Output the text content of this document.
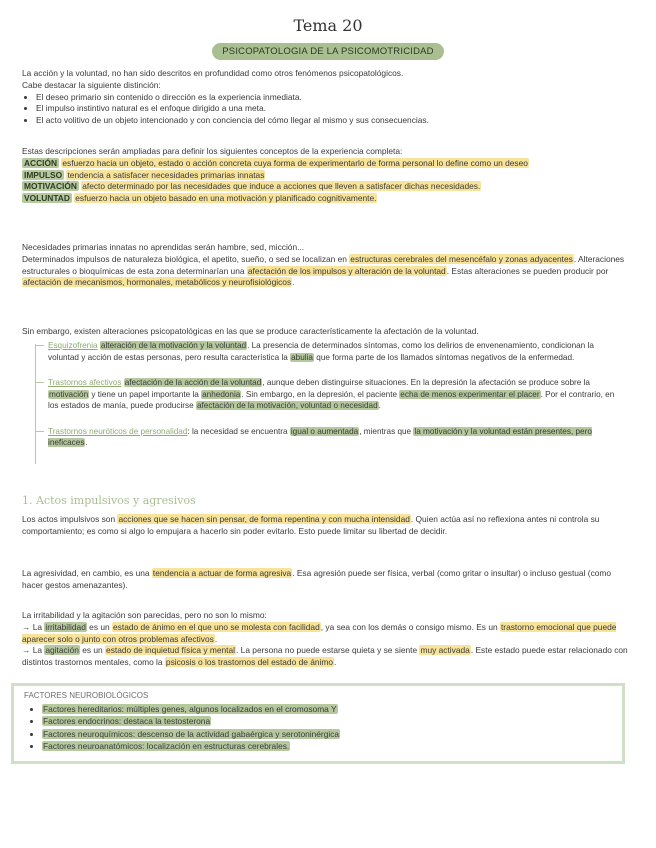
Tema 20
PSICOPATOLOGIA DE LA PSICOMOTRICIDAD

La acción y la voluntad, no han sido descritos en profundidad como otros fenómenos psicopatológicos.

Cabe destacar la siguiente distinción:

• El deseo primario sin contenido o dirección es la experiencia inmediata.
• El impulso instintivo natural es el enfoque dirigido a una meta.
• El acto volitivo de un objeto intencionado y con conciencia del cómo llegar al mismo y sus consecuencias.

Estas descripciones serán ampliadas para definir los siguientes conceptos de la experiencia completa:

ACCIÓN esfuerzo hacia un objeto, estado o acción concreta cuya forma de experimentarlo de forma personal lo define como un deseo

IMPULSO tendencia a satisfacer necesidades primarias innatas

MOTIVACIÓN afecto determinado por las necesidades que induce a acciones que lleven a satisfacer dichas necesidades.

VOLUNTAD esfuerzo hacia un objeto basado en una motivación y planificado cognitivamente.

Necesidades primarias innatas no aprendidas serán hambre, sed, micción...

Determinados impulsos de naturaleza biológica, el apetito, sueño, o sed se localizan en estructuras cerebrales del mesencéfalo y zonas adyacentes. Alteraciones estructurales o bioquímicas de esta zona determinarían una afectación de los impulsos y alteración de la voluntad. Estas alteraciones se pueden producir por afectación de mecanismos, hormonales, metabólicos y neurofisiológicos.

Sin embargo, existen alteraciones psicopatológicas en las que se produce característicamente la afectación de la voluntad.
Esquizofrenia alteración de la motivación y la voluntad. La presencia de determinados síntomas, como los delirios de envenenamiento, condicionan la voluntad y acción de estas personas, pero resulta característica la abulia que forma parte de los llamados síntomas negativos de la enfermedad.
Trastornos afectivos afectación de la acción de la voluntad, aunque deben distinguirse situaciones. En la depresión la afectación se produce sobre la motivación y tiene un papel importante la anhedonia. Sin embargo, en la depresión, el paciente echa de menos experimentar el placer. Por el contrario, en los estados de manía, puede producirse afectación de la motivación, voluntad o necesidad.
Trastornos neuróticos de personalidad: la necesidad se encuentra igual o aumentada, mientras que la motivación y la voluntad están presentes, pero ineficaces.
1. Actos impulsivos y agresivos

Los actos impulsivos son acciones que se hacen sin pensar, de forma repentina y con mucha intensidad. Quien actúa así no reflexiona antes ni controla su comportamiento; es como si algo lo empujara a hacerlo sin poder evitarlo. Esto puede limitar su libertad de decidir.

La agresividad, en cambio, es una tendencia a actuar de forma agresiva. Esa agresión puede ser física, verbal (como gritar o insultar) o incluso gestual (como hacer gestos amenazantes).

La irritabilidad y la agitación son parecidas, pero no son lo mismo:

→ La irritabilidad es un estado de ánimo en el que uno se molesta con facilidad, ya sea con los demás o consigo mismo. Es un trastorno emocional que puede aparecer solo o junto con otros problemas afectivos.

→ La agitación es un estado de inquietud física y mental. La persona no puede estarse quieta y se siente muy activada. Este estado puede estar relacionado con distintos trastornos mentales, como la psicosis o los trastornos del estado de ánimo.

FACTORES NEUROBIOLÓGICOS
• Factores hereditarios: múltiples genes, algunos localizados en el cromosoma Y
• Factores endocrinos: destaca la testosterona
• Factores neuroquímicos: descenso de la actividad gabaérgica y serotoninérgica
• Factores neuroanatómicos: localización en estructuras cerebrales.
